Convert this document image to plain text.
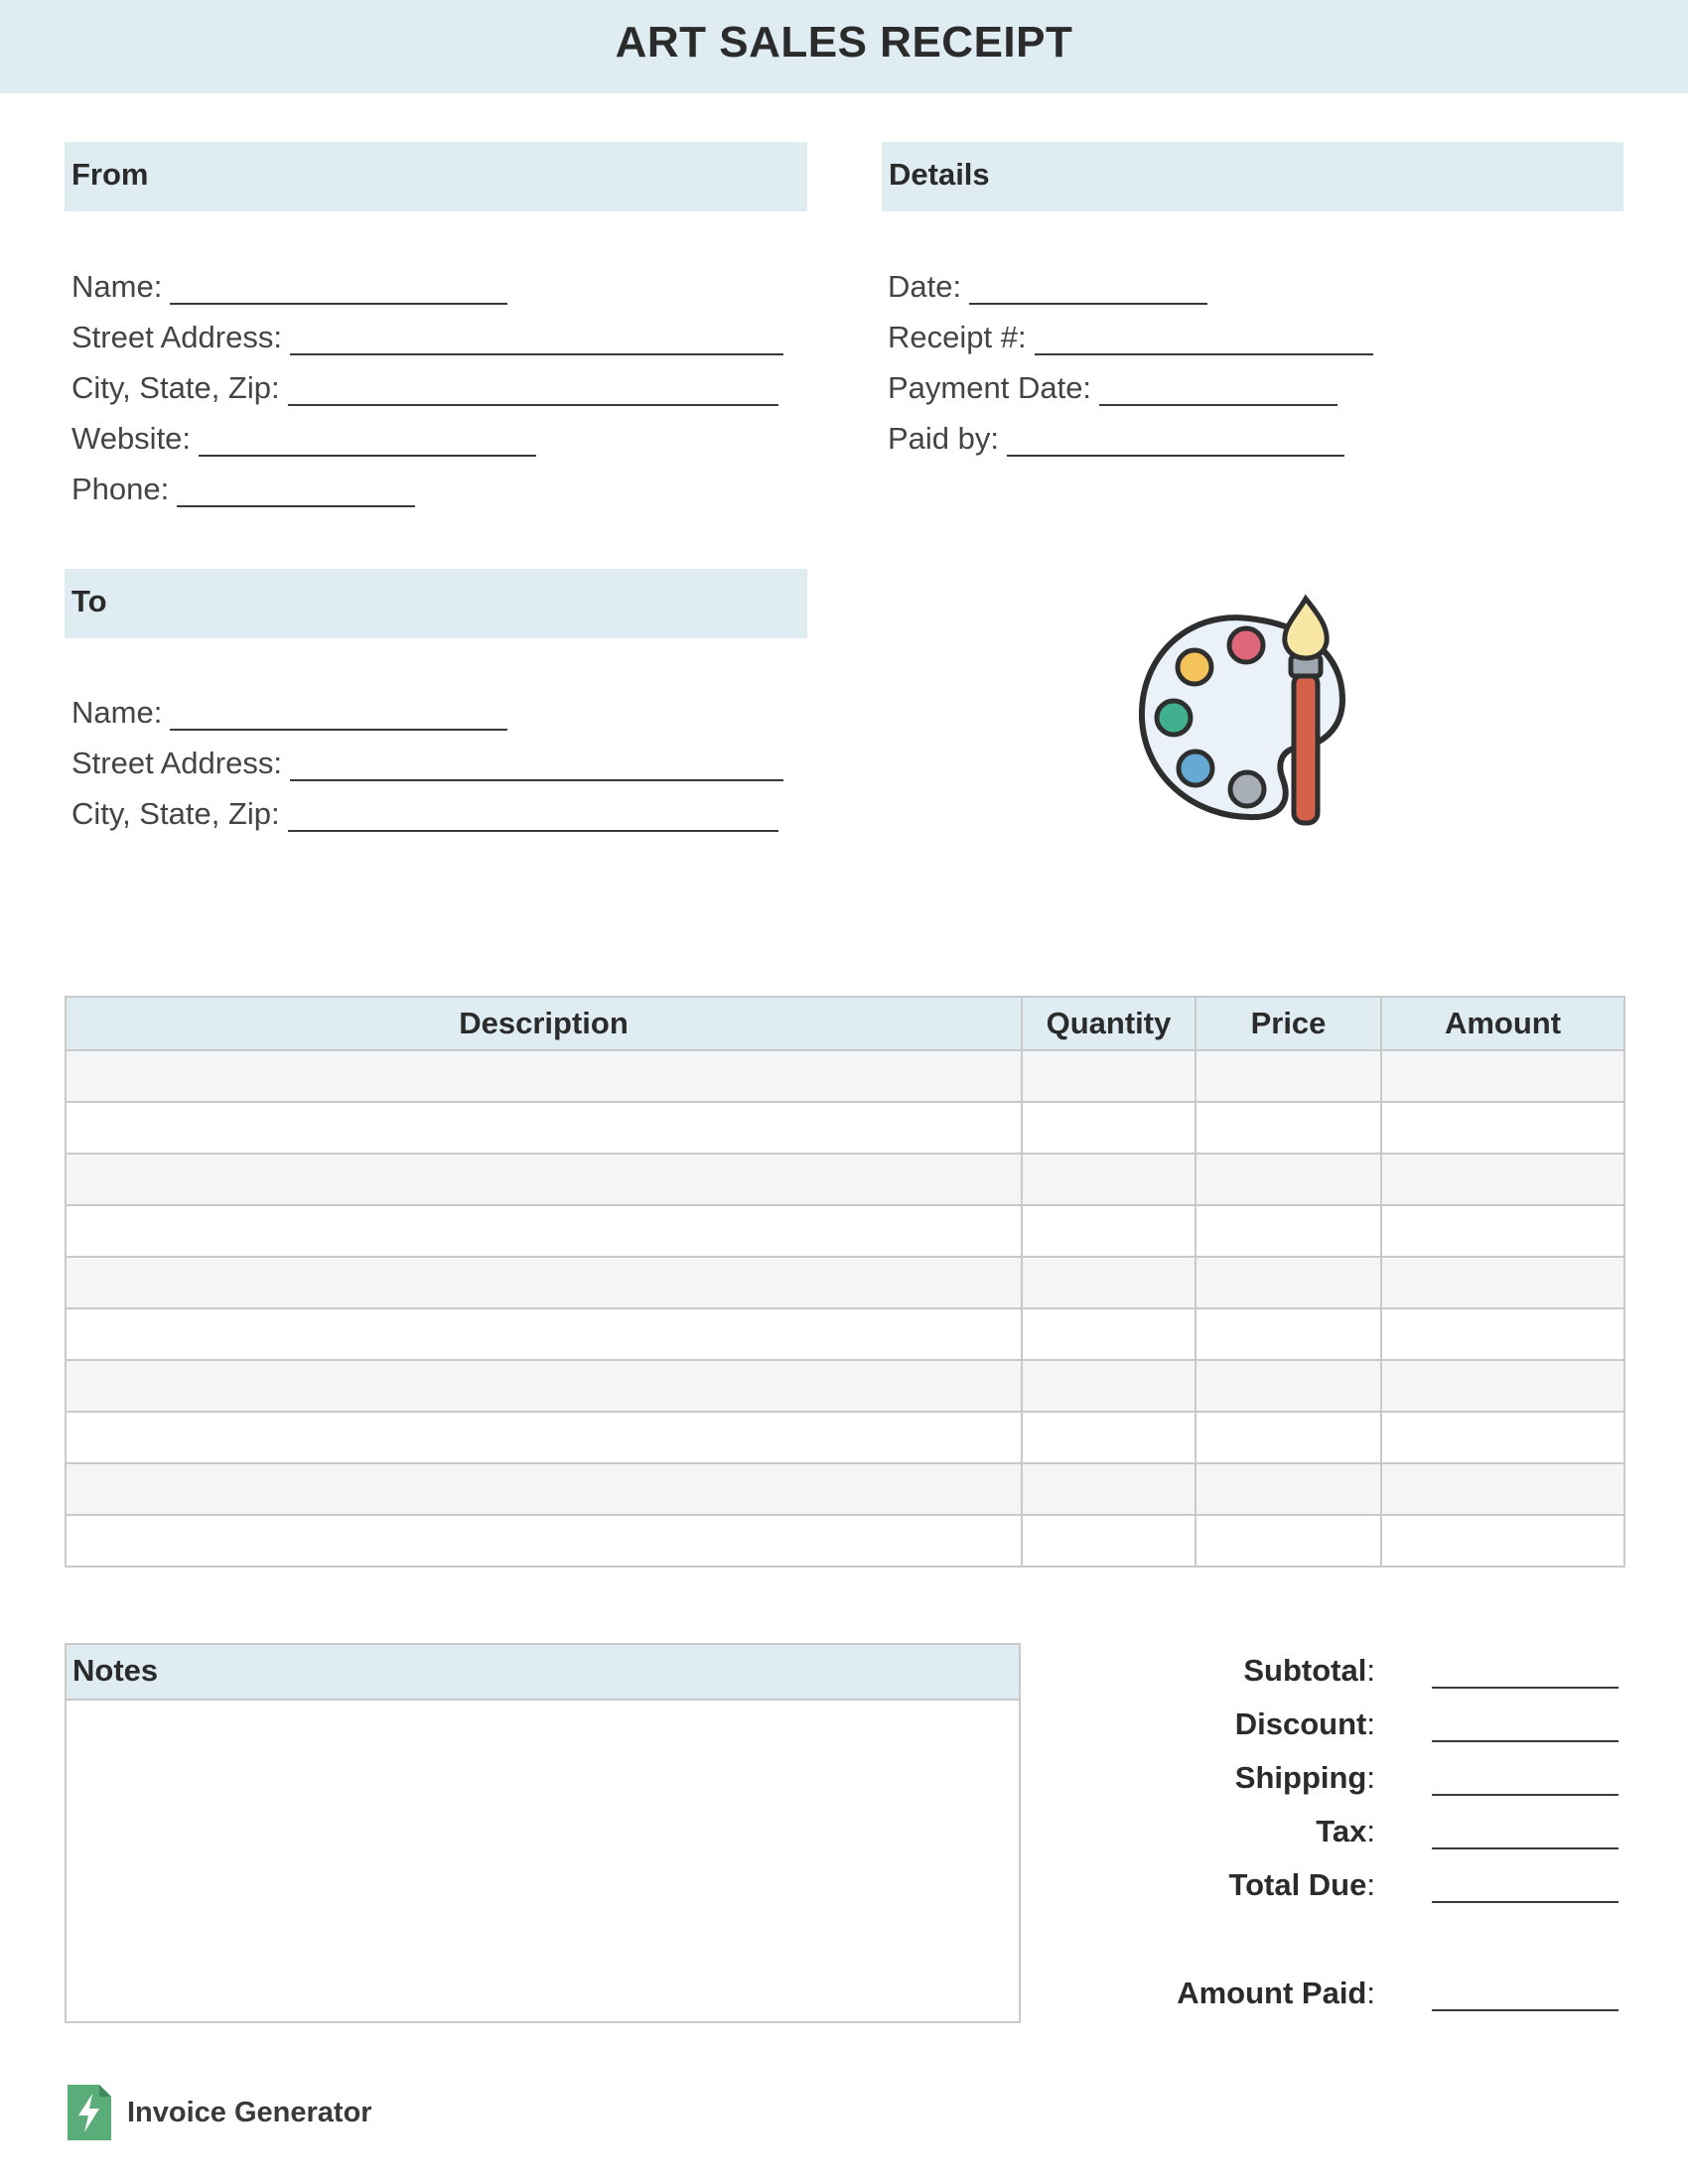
ART SALES RECEIPT
From
Name:
Street Address:
City, State, Zip:
Website:
Phone:
Details
Date:
Receipt #:
Payment Date:
Paid by:
To
Name:
Street Address:
City, State, Zip:
Description	Quantity	Price	Amount

Notes	Subtotal:
Discount:
Shipping:
Tax:
Total Due:
Amount Paid:
Invoice Generator
